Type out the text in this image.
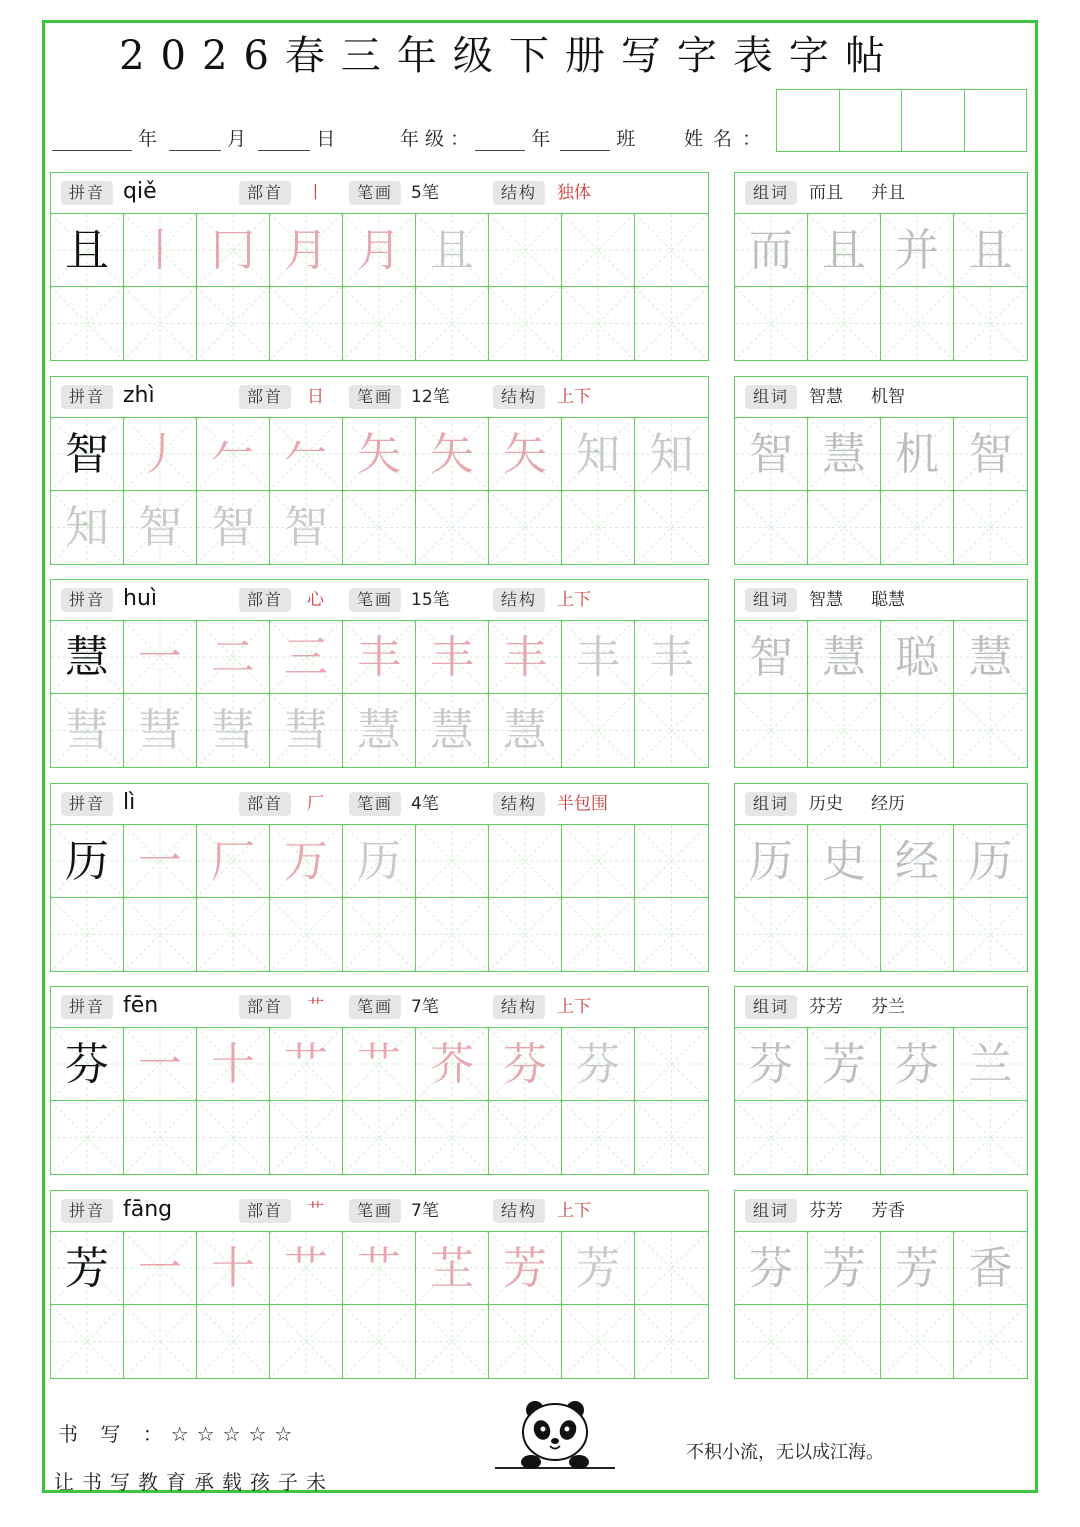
2026春三年级下册写字表字帖
年	月	日	年 级 ：	年	班	姓 名 ：
拼音 qiě	部首	丨	笔画	5笔	结构	独体
且 丨 冂 月 月 且
组词	而且 并且
而 且 并 且
拼音 zhì	部首	日	笔画	12笔	结构	上下
智 丿 𠂉 𠂉 矢 矢 矢 知 知
知 智 智 智
组词	智慧 机智
智 慧 机 智
拼音 huì	部首	心	笔画	15笔	结构	上下
慧 一 二 三 丰 丰 丰 丰 丰
彗 彗 彗 彗 慧 慧 慧
组词	智慧 聪慧
智 慧 聪 慧
拼音 lì	部首	厂	笔画	4笔	结构	半包围
历 一 厂 万 历
组词	历史 经历
历 史 经 历
拼音 fēn	部首	艹	笔画	7笔	结构	上下
芬 一 十 艹 艹 芥 芬 芬
组词	芬芳 芬兰
芬 芳 芬 兰
拼音 fāng	部首	艹	笔画	7笔	结构	上下
芳 一 十 艹 艹 芏 芳 芳
组词	芬芳 芳香
芬 芳 芳 香
书 写 ：☆☆☆☆☆
让书写教育承载孩子未
不积小流，无以成江海。
